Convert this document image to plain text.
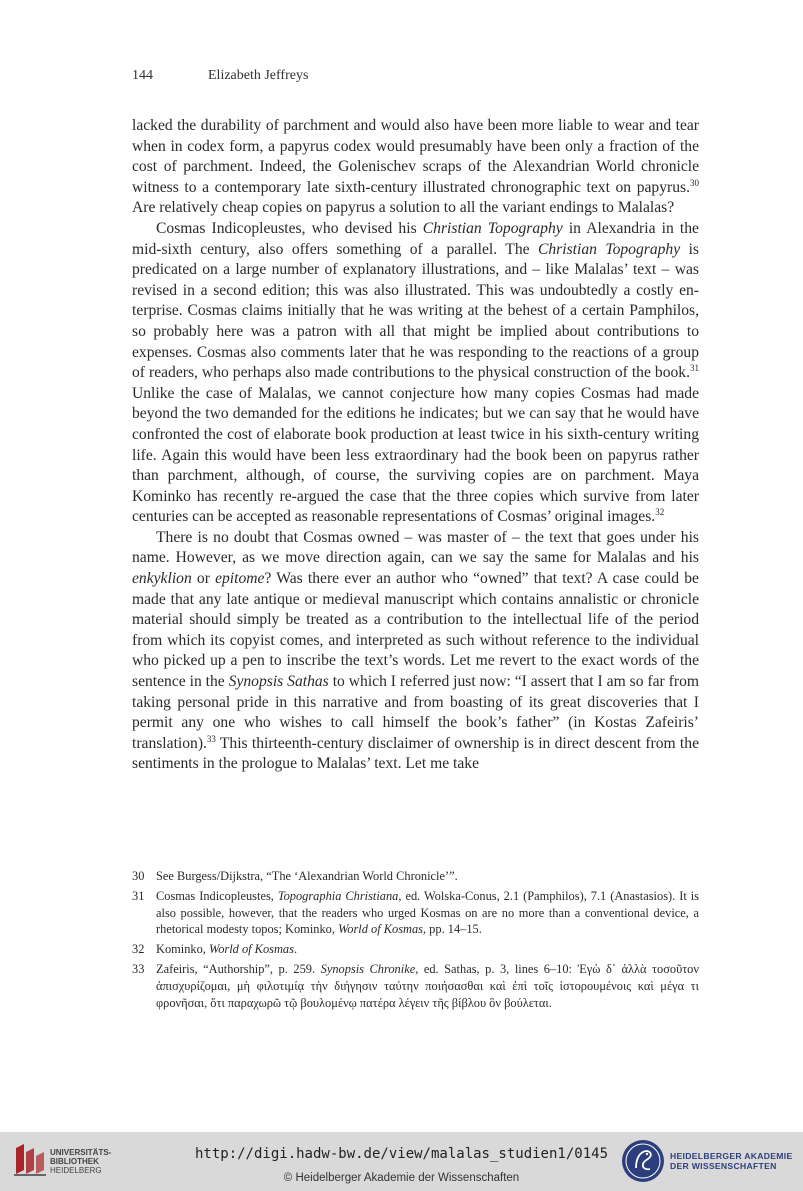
144	Elizabeth Jeffreys

lacked the durability of parchment and would also have been more liable to wear and tear when in codex form, a papyrus codex would presumably have been only a fraction of the cost of parchment. Indeed, the Golenischev scraps of the Alexandrian World chronicle witness to a contemporary late sixth-century illustrated chronographic text on papyrus.$^{30}$ Are relatively cheap copies on papyrus a solution to all the variant endings to Malalas?

Cosmas Indicopleustes, who devised his Christian Topography in Alexandria in the mid-sixth century, also offers something of a parallel. The Christian Topography is predicated on a large number of explanatory illustrations, and – like Malalas’ text – was revised in a second edition; this was also illustrated. This was undoubtedly a costly enterprise. Cosmas claims initially that he was writing at the behest of a certain Pamphilos, so probably here was a patron with all that might be implied about contributions to expenses. Cosmas also comments later that he was responding to the reactions of a group of readers, who perhaps also made contributions to the physical construction of the book.$^{31}$ Unlike the case of Malalas, we cannot conjecture how many copies Cosmas had made beyond the two demanded for the editions he indicates; but we can say that he would have confronted the cost of elaborate book production at least twice in his sixth-century writing life. Again this would have been less extraordinary had the book been on papyrus rather than parchment, although, of course, the surviving copies are on parchment. Maya Kominko has recently re-argued the case that the three copies which survive from later centuries can be accepted as reasonable representations of Cosmas’ original images.$^{32}$

There is no doubt that Cosmas owned – was master of – the text that goes under his name. However, as we move direction again, can we say the same for Malalas and his enkyklion or epitome? Was there ever an author who “owned” that text? A case could be made that any late antique or medieval manuscript which contains annalistic or chronicle material should simply be treated as a contribution to the intellectual life of the period from which its copyist comes, and interpreted as such without reference to the individual who picked up a pen to inscribe the text’s words. Let me revert to the exact words of the sentence in the Synopsis Sathas to which I referred just now: “I assert that I am so far from taking personal pride in this narrative and from boasting of its great discoveries that I permit any one who wishes to call himself the book’s father” (in Kostas Zafeiris’ translation).$^{33}$ This thirteenth-century disclaimer of ownership is in direct descent from the sentiments in the prologue to Malalas’ text. Let me take

30 See Burgess/Dijkstra, “The ‘Alexandrian World Chronicle’”.
31 Cosmas Indicopleustes, Topographia Christiana, ed. Wolska-Conus, 2.1 (Pamphilos), 7.1 (Anastasios). It is also possible, however, that the readers who urged Kosmas on are no more than a conventional device, a rhetorical modesty topos; Kominko, World of Kosmas, pp. 14–15.
32 Kominko, World of Kosmas.
33 Zafeiris, “Authorship”, p. 259. Synopsis Chronike, ed. Sathas, p. 3, lines 6–10: Ἐγὼ δ᾽ ἀλλὰ τοσοῦτον ἀπισχυρίζομαι, μὴ φιλοτιμίᾳ τὴν διήγησιν ταύτην ποιήσασθαι καὶ ἐπὶ τοῖς ἱστορουμένοις καὶ μέγα τι φρονῆσαι, ὅτι παραχωρῶ τῷ βουλομένῳ πατέρα λέγειν τῆς βίβλου ὃν βούλεται.
UNIVERSITÄTS-
BIBLIOTHEK
HEIDELBERG
http://digi.hadw-bw.de/view/malalas_studien1/0145
© Heidelberger Akademie der Wissenschaften
HEIDELBERGER AKADEMIE
DER WISSENSCHAFTEN
